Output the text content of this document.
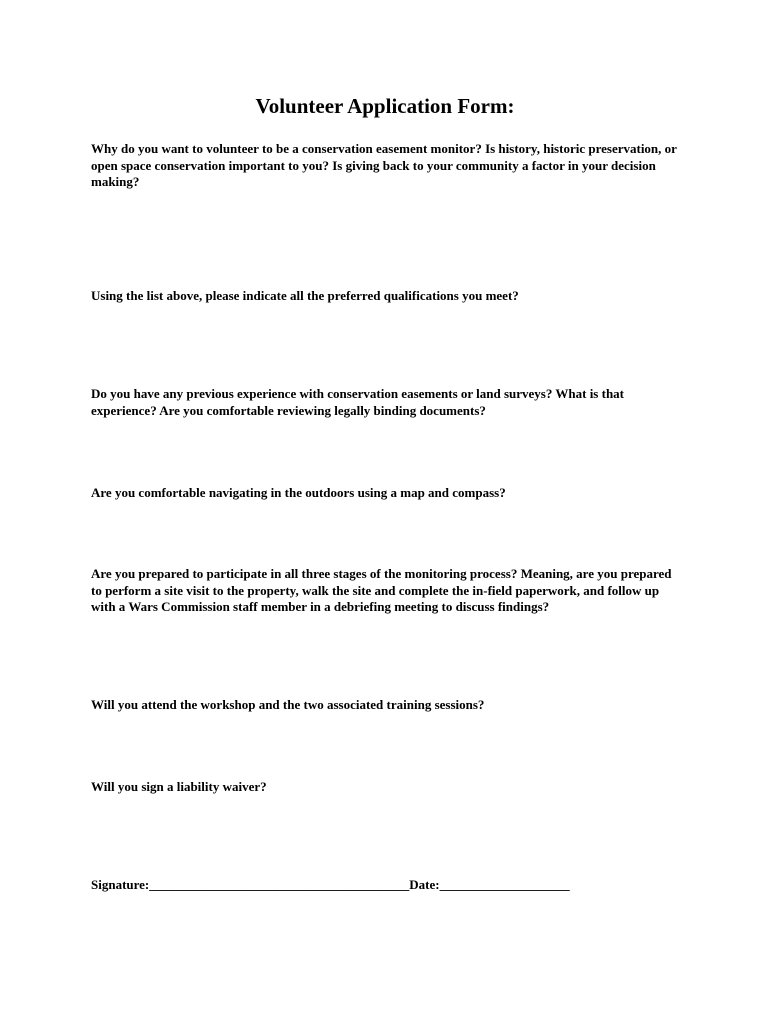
Volunteer Application Form:

Why do you want to volunteer to be a conservation easement monitor? Is history, historic preservation, or open space conservation important to you? Is giving back to your community a factor in your decision making?

Using the list above, please indicate all the preferred qualifications you meet?

Do you have any previous experience with conservation easements or land surveys? What is that experience? Are you comfortable reviewing legally binding documents?

Are you comfortable navigating in the outdoors using a map and compass?

Are you prepared to participate in all three stages of the monitoring process? Meaning, are you prepared to perform a site visit to the property, walk the site and complete the in-field paperwork, and follow up with a Wars Commission staff member in a debriefing meeting to discuss findings?

Will you attend the workshop and the two associated training sessions?

Will you sign a liability waiver?

Signature:________________________________________Date:____________________
